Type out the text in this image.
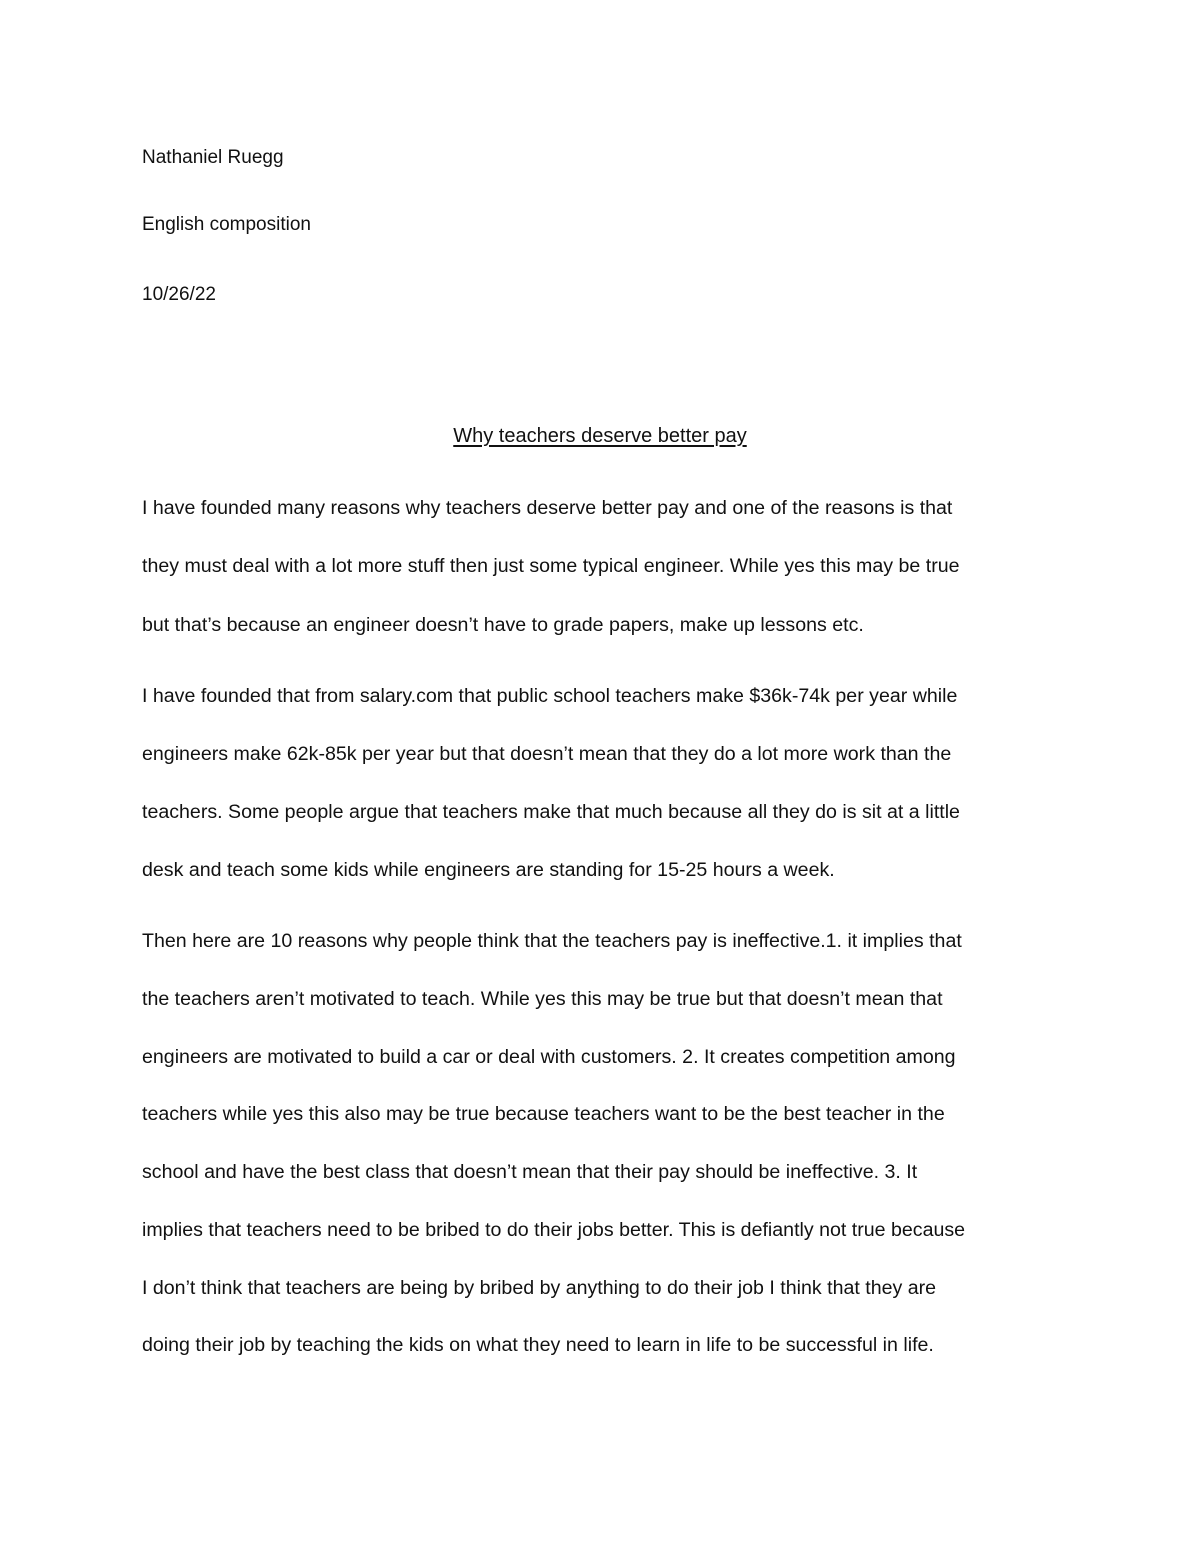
Nathaniel Ruegg
English composition
10/26/22
Why teachers deserve better pay
I have founded many reasons why teachers deserve better pay and one of the reasons is that
they must deal with a lot more stuff then just some typical engineer. While yes this may be true
but that’s because an engineer doesn’t have to grade papers, make up lessons etc.
I have founded that from salary.com that public school teachers make $36k-74k per year while
engineers make 62k-85k per year but that doesn’t mean that they do a lot more work than the
teachers. Some people argue that teachers make that much because all they do is sit at a little
desk and teach some kids while engineers are standing for 15-25 hours a week.
Then here are 10 reasons why people think that the teachers pay is ineffective.1. it implies that
the teachers aren’t motivated to teach. While yes this may be true but that doesn’t mean that
engineers are motivated to build a car or deal with customers. 2. It creates competition among
teachers while yes this also may be true because teachers want to be the best teacher in the
school and have the best class that doesn’t mean that their pay should be ineffective. 3. It
implies that teachers need to be bribed to do their jobs better. This is defiantly not true because
I don’t think that teachers are being by bribed by anything to do their job I think that they are
doing their job by teaching the kids on what they need to learn in life to be successful in life.
